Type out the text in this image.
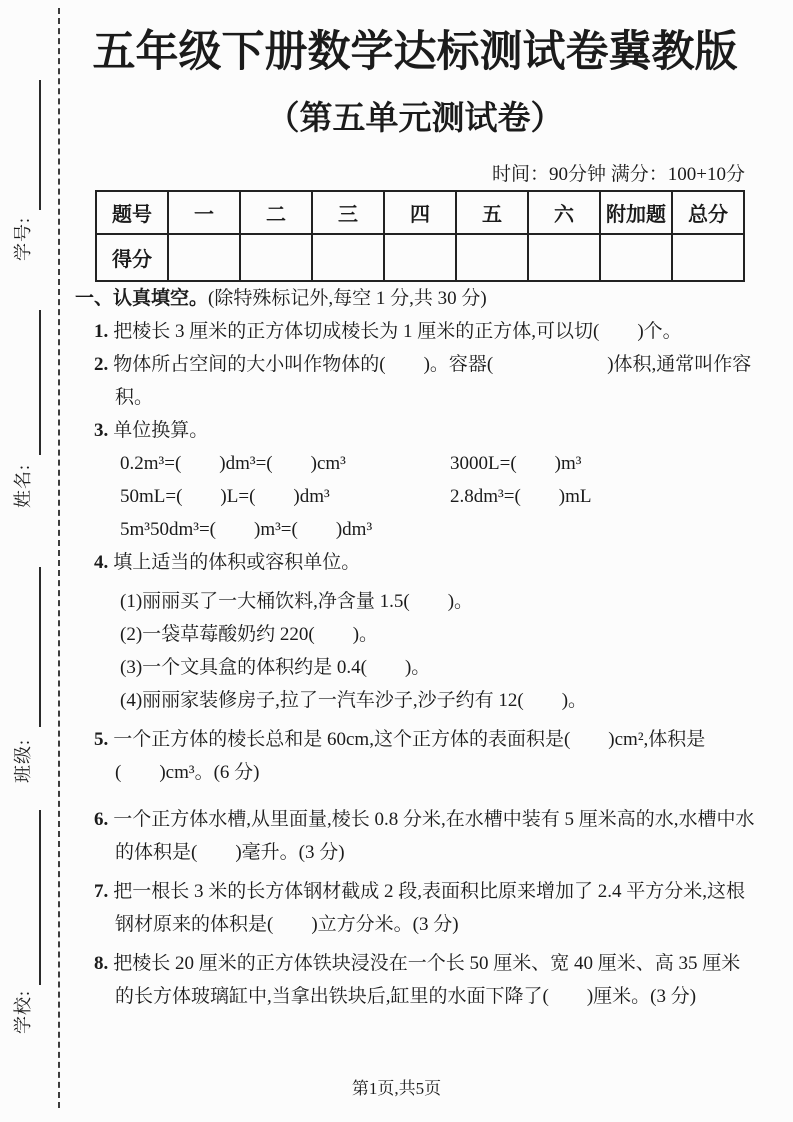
学号:
姓名:
班级:
学校:
五年级下册数学达标测试卷冀教版
（第五单元测试卷）
时间：90分钟 满分：100+10分
题号	一	二	三	四	五	六	附加题	总分
得分								
一、认真填空。(除特殊标记外,每空 1 分,共 30 分)
1. 把棱长 3 厘米的正方体切成棱长为 1 厘米的正方体,可以切(　　)个。
2. 物体所占空间的大小叫作物体的(　　)。容器(　　　　　　)体积,通常叫作容积。
3. 单位换算。
0.2m³=(　　)dm³=(　　)cm³	3000L=(　　)m³
50mL=(　　)L=(　　)dm³	2.8dm³=(　　)mL
5m³50dm³=(　　)m³=(　　)dm³
4. 填上适当的体积或容积单位。
(1)丽丽买了一大桶饮料,净含量 1.5(　　)。
(2)一袋草莓酸奶约 220(　　)。
(3)一个文具盒的体积约是 0.4(　　)。
(4)丽丽家装修房子,拉了一汽车沙子,沙子约有 12(　　)。
5. 一个正方体的棱长总和是 60cm,这个正方体的表面积是(　　)cm²,体积是(　　)cm³。(6 分)
6. 一个正方体水槽,从里面量,棱长 0.8 分米,在水槽中装有 5 厘米高的水,水槽中水的体积是(　　)毫升。(3 分)
7. 把一根长 3 米的长方体钢材截成 2 段,表面积比原来增加了 2.4 平方分米,这根钢材原来的体积是(　　)立方分米。(3 分)
8. 把棱长 20 厘米的正方体铁块浸没在一个长 50 厘米、宽 40 厘米、高 35 厘米的长方体玻璃缸中,当拿出铁块后,缸里的水面下降了(　　)厘米。(3 分)
第1页,共5页
